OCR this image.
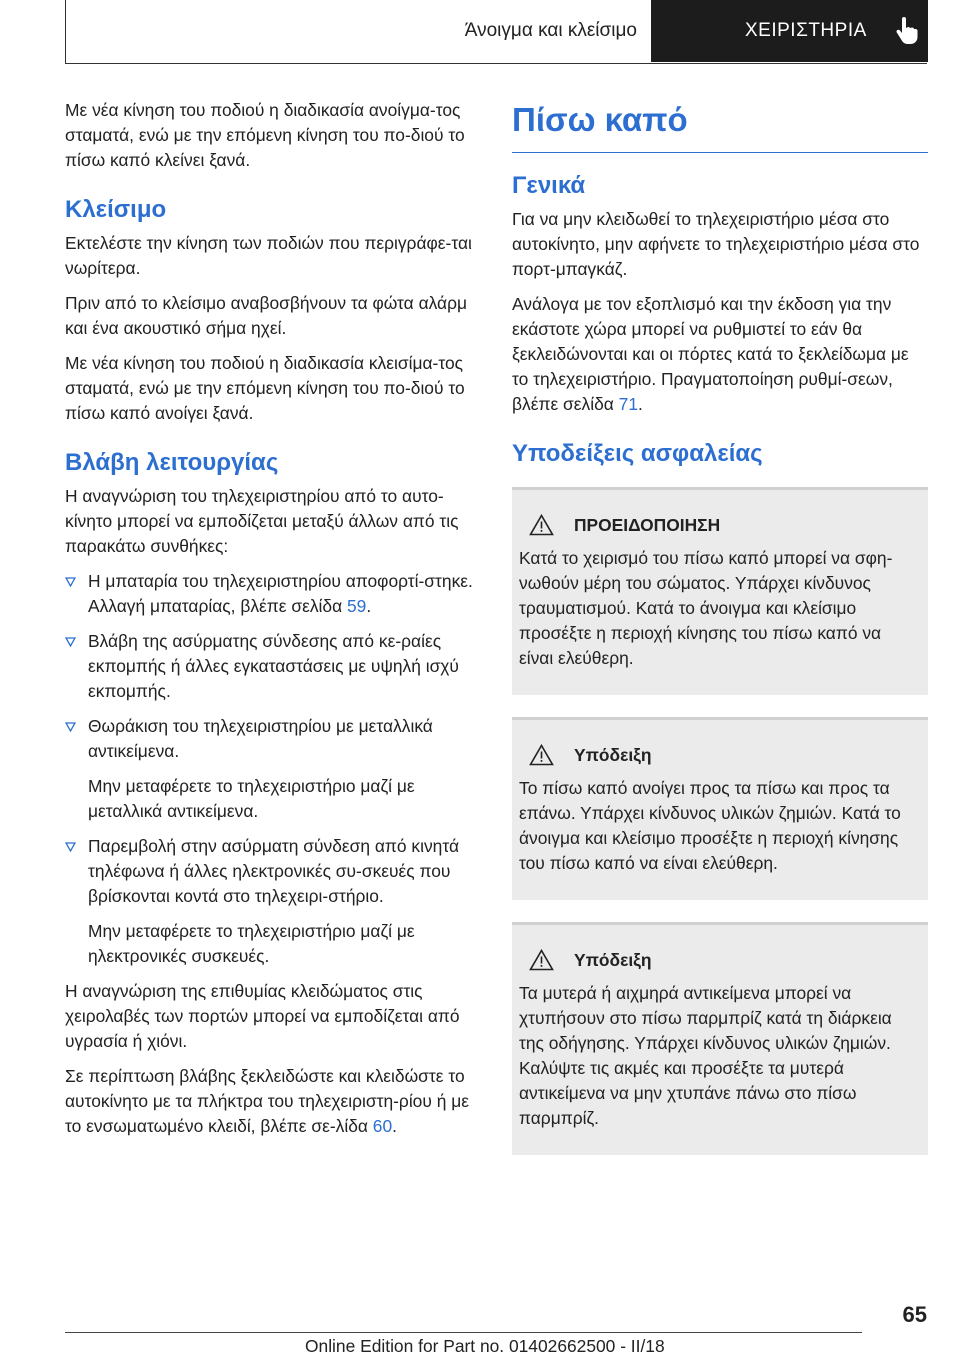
Άνοιγμα και κλείσιμο	ΧΕΙΡΙΣΤΗΡΙΑ

Με νέα κίνηση του ποδιού η διαδικασία ανοίγμα-τος σταματά, ενώ με την επόμενη κίνηση του πο-διού το πίσω καπό κλείνει ξανά.

Κλείσιμο

Εκτελέστε την κίνηση των ποδιών που περιγράφε-ται νωρίτερα.

Πριν από το κλείσιμο αναβοσβήνουν τα φώτα αλάρμ και ένα ακουστικό σήμα ηχεί.

Με νέα κίνηση του ποδιού η διαδικασία κλεισίμα-τος σταματά, ενώ με την επόμενη κίνηση του πο-διού το πίσω καπό ανοίγει ξανά.

Βλάβη λειτουργίας

Η αναγνώριση του τηλεχειριστηρίου από το αυτο-κίνητο μπορεί να εμποδίζεται μεταξύ άλλων από τις παρακάτω συνθήκες:

Η μπαταρία του τηλεχειριστηρίου αποφορτί-στηκε. Αλλαγή μπαταρίας, βλέπε σελίδα 59.

Βλάβη της ασύρματης σύνδεσης από κε-ραίες εκπομπής ή άλλες εγκαταστάσεις με υψηλή ισχύ εκπομπής.

Θωράκιση του τηλεχειριστηρίου με μεταλλικά αντικείμενα.

Μην μεταφέρετε το τηλεχειριστήριο μαζί με μεταλλικά αντικείμενα.

Παρεμβολή στην ασύρματη σύνδεση από κινητά τηλέφωνα ή άλλες ηλεκτρονικές συ-σκευές που βρίσκονται κοντά στο τηλεχειρι-στήριο.

Μην μεταφέρετε το τηλεχειριστήριο μαζί με ηλεκτρονικές συσκευές.

Η αναγνώριση της επιθυμίας κλειδώματος στις χειρολαβές των πορτών μπορεί να εμποδίζεται από υγρασία ή χιόνι.

Σε περίπτωση βλάβης ξεκλειδώστε και κλειδώστε το αυτοκίνητο με τα πλήκτρα του τηλεχειριστη-ρίου ή με το ενσωματωμένο κλειδί, βλέπε σε-λίδα 60.

Πίσω καπό
Γενικά

Για να μην κλειδωθεί το τηλεχειριστήριο μέσα στο αυτοκίνητο, μην αφήνετε το τηλεχειριστήριο μέσα στο πορτ-μπαγκάζ.

Ανάλογα με τον εξοπλισμό και την έκδοση για την εκάστοτε χώρα μπορεί να ρυθμιστεί το εάν θα ξεκλειδώνονται και οι πόρτες κατά το ξεκλείδωμα με το τηλεχειριστήριο. Πραγματοποίηση ρυθμί-σεων, βλέπε σελίδα 71.

Υποδείξεις ασφαλείας
ΠΡΟΕΙΔΟΠΟΙΗΣΗ

Κατά το χειρισμό του πίσω καπό μπορεί να σφη-νωθούν μέρη του σώματος. Υπάρχει κίνδυνος τραυματισμού. Κατά το άνοιγμα και κλείσιμο προσέξτε η περιοχή κίνησης του πίσω καπό να είναι ελεύθερη.

Υπόδειξη

Το πίσω καπό ανοίγει προς τα πίσω και προς τα επάνω. Υπάρχει κίνδυνος υλικών ζημιών. Κατά το άνοιγμα και κλείσιμο προσέξτε η περιοχή κίνησης του πίσω καπό να είναι ελεύθερη.

Υπόδειξη

Τα μυτερά ή αιχμηρά αντικείμενα μπορεί να χτυπήσουν στο πίσω παρμπρίζ κατά τη διάρκεια της οδήγησης. Υπάρχει κίνδυνος υλικών ζημιών. Καλύψτε τις ακμές και προσέξτε τα μυτερά αντικείμενα να μην χτυπάνε πάνω στο πίσω παρμπρίζ.

65
Online Edition for Part no. 01402662500 - II/18
